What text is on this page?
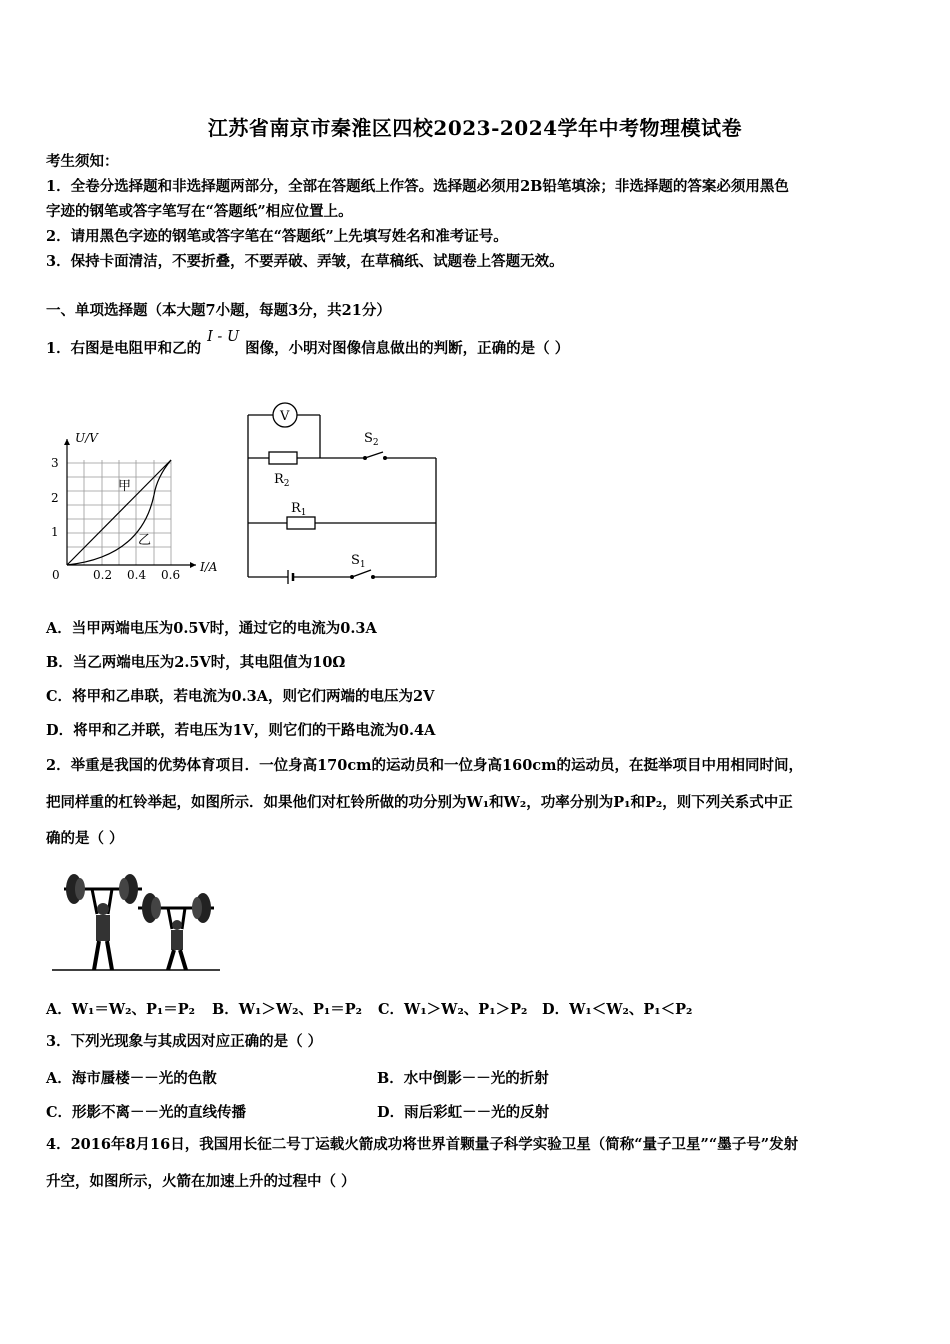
江苏省南京市秦淮区四校2023-2024学年中考物理模试卷
考生须知：
1．全卷分选择题和非选择题两部分，全部在答题纸上作答。选择题必须用2B铅笔填涂；非选择题的答案必须用黑色
字迹的钢笔或答字笔写在“答题纸”相应位置上。
2．请用黑色字迹的钢笔或答字笔在“答题纸”上先填写姓名和准考证号。
3．保持卡面清洁，不要折叠，不要弄破、弄皱，在草稿纸、试题卷上答题无效。
一、单项选择题（本大题7小题，每题3分，共21分）
1．右图是电阻甲和乙的I - U图像，小明对图像信息做出的判断，正确的是（ ）
U/V
I/A
3
2
1
0	0.2 0.4 0.6
甲
乙
V
$R_2$
$R_1$
$S_2$
$S_1$
A．当甲两端电压为0.5V时，通过它的电流为0.3A
B．当乙两端电压为2.5V时，其电阻值为10Ω
C．将甲和乙串联，若电流为0.3A，则它们两端的电压为2V
D．将甲和乙并联，若电压为1V，则它们的干路电流为0.4A
2．举重是我国的优势体育项目．一位身高170cm的运动员和一位身高160cm的运动员，在挺举项目中用相同时间，
把同样重的杠铃举起，如图所示．如果他们对杠铃所做的功分别为W₁和W₂，功率分别为P₁和P₂，则下列关系式中正
确的是（ ）
A．W₁＝W₂、P₁＝P₂ B．W₁＞W₂、P₁＝P₂ C．W₁＞W₂、P₁＞P₂ D．W₁＜W₂、P₁＜P₂
3．下列光现象与其成因对应正确的是（ ）
A．海市蜃楼－－光的色散	B．水中倒影－－光的折射
C．形影不离－－光的直线传播	D．雨后彩虹－－光的反射
4．2016年8月16日，我国用长征二号丁运载火箭成功将世界首颗量子科学实验卫星（简称“量子卫星”“墨子号”发射
升空，如图所示，火箭在加速上升的过程中（ ）
